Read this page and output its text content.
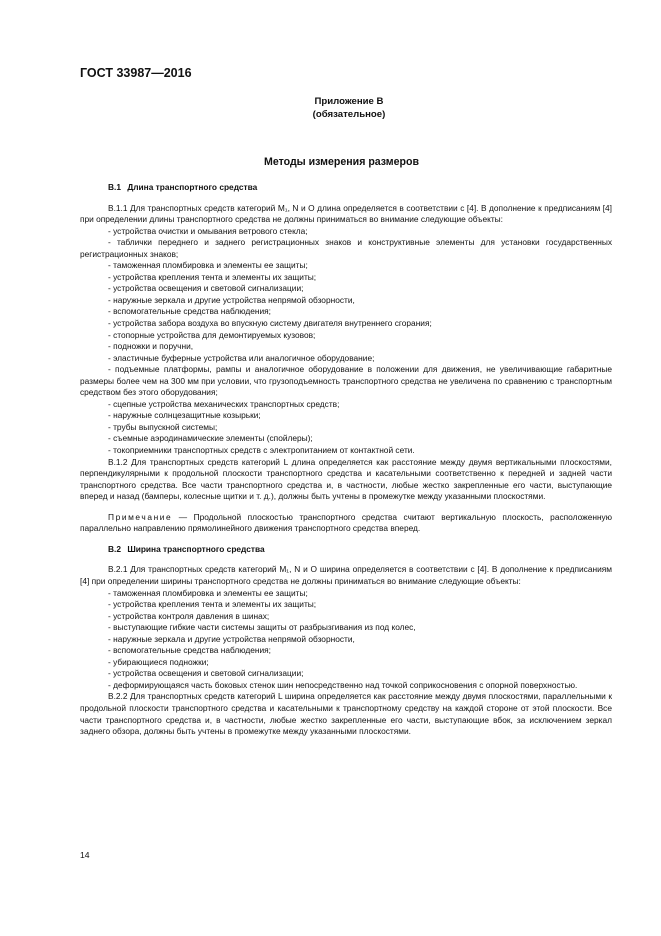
ГОСТ 33987—2016
Приложение В
(обязательное)
Методы измерения размеров
В.1 Длина транспортного средства

В.1.1 Для транспортных средств категорий М₁, N и О длина определяется в соответствии с [4]. В дополнение к предписаниям [4] при определении длины транспортного средства не должны приниматься во внимание следующие объекты:

- устройства очистки и омывания ветрового стекла;

- таблички переднего и заднего регистрационных знаков и конструктивные элементы для установки государственных регистрационных знаков;

- таможенная пломбировка и элементы ее защиты;

- устройства крепления тента и элементы их защиты;

- устройства освещения и световой сигнализации;

- наружные зеркала и другие устройства непрямой обзорности,

- вспомогательные средства наблюдения;

- устройства забора воздуха во впускную систему двигателя внутреннего сгорания;

- стопорные устройства для демонтируемых кузовов;

- подножки и поручни,

- эластичные буферные устройства или аналогичное оборудование;

- подъемные платформы, рампы и аналогичное оборудование в положении для движения, не увеличивающие габаритные размеры более чем на 300 мм при условии, что грузоподъемность транспортного средства не увеличена по сравнению с транспортным средством без этого оборудования;

- сцепные устройства механических транспортных средств;

- наружные солнцезащитные козырьки;

- трубы выпускной системы;

- съемные аэродинамические элементы (спойлеры);

- токоприемники транспортных средств с электропитанием от контактной сети.

В.1.2 Для транспортных средств категорий L длина определяется как расстояние между двумя вертикальными плоскостями, перпендикулярными к продольной плоскости транспортного средства и касательными соответственно к передней и задней части транспортного средства. Все части транспортного средства и, в частности, любые жестко закрепленные его части, выступающие вперед и назад (бамперы, колесные щитки и т. д.), должны быть учтены в промежутке между указанными плоскостями.

Примечание — Продольной плоскостью транспортного средства считают вертикальную плоскость, расположенную параллельно направлению прямолинейного движения транспортного средства вперед.

В.2 Ширина транспортного средства

В.2.1 Для транспортных средств категорий М₁, N и О ширина определяется в соответствии с [4]. В дополнение к предписаниям [4] при определении ширины транспортного средства не должны приниматься во внимание следующие объекты:

- таможенная пломбировка и элементы ее защиты;

- устройства крепления тента и элементы их защиты;

- устройства контроля давления в шинах;

- выступающие гибкие части системы защиты от разбрызгивания из под колес,

- наружные зеркала и другие устройства непрямой обзорности,

- вспомогательные средства наблюдения;

- убирающиеся подножки;

- устройства освещения и световой сигнализации;

- деформирующаяся часть боковых стенок шин непосредственно над точкой соприкосновения с опорной поверхностью.

В.2.2 Для транспортных средств категорий L ширина определяется как расстояние между двумя плоскостями, параллельными к продольной плоскости транспортного средства и касательными к транспортному средству на каждой стороне от этой плоскости. Все части транспортного средства и, в частности, любые жестко закрепленные его части, выступающие вбок, за исключением зеркал заднего обзора, должны быть учтены в промежутке между указанными плоскостями.

14
